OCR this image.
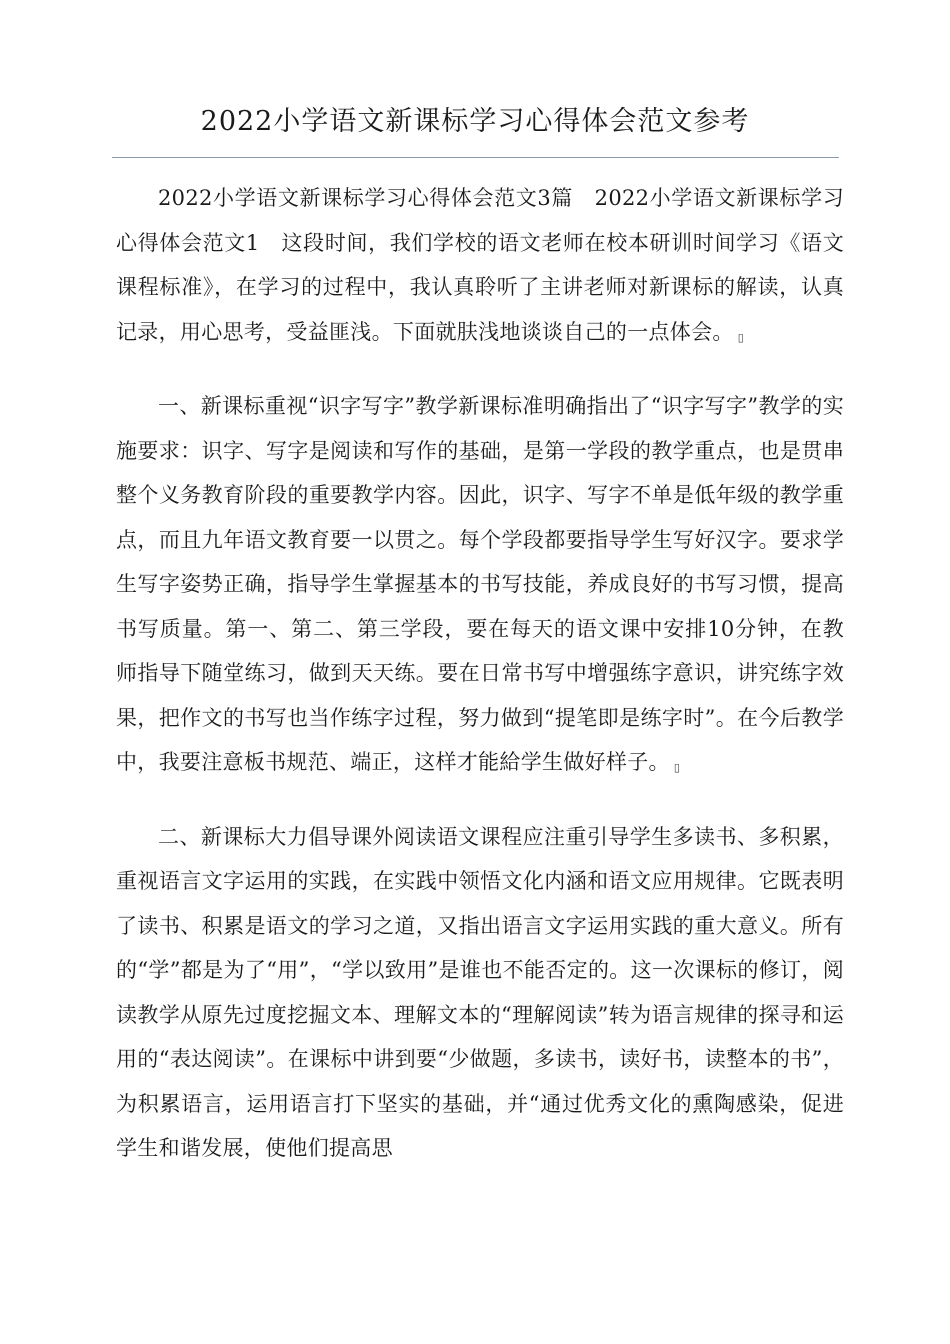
2022小学语文新课标学习心得体会范文参考

2022小学语文新课标学习心得体会范文3篇　2022小学语文新课标学习心得体会范文1　这段时间，我们学校的语文老师在校本研训时间学习《语文课程标准》，在学习的过程中，我认真聆听了主讲老师对新课标的解读，认真记录，用心思考，受益匪浅。下面就肤浅地谈谈自己的一点体会。 ▯

一、新课标重视“识字写字”教学新课标准明确指出了“识字写字”教学的实施要求：识字、写字是阅读和写作的基础，是第一学段的教学重点，也是贯串整个义务教育阶段的重要教学内容。因此，识字、写字不单是低年级的教学重点，而且九年语文教育要一以贯之。每个学段都要指导学生写好汉字。要求学生写字姿势正确，指导学生掌握基本的书写技能，养成良好的书写习惯，提高书写质量。第一、第二、第三学段，要在每天的语文课中安排10分钟，在教师指导下随堂练习，做到天天练。要在日常书写中增强练字意识，讲究练字效果，把作文的书写也当作练字过程，努力做到“提笔即是练字时”。在今后教学中，我要注意板书规范、端正，这样才能給学生做好样子。 ▯

二、新课标大力倡导课外阅读语文课程应注重引导学生多读书、多积累，重视语言文字运用的实践，在实践中领悟文化内涵和语文应用规律。它既表明了读书、积累是语文的学习之道，又指出语言文字运用实践的重大意义。所有的“学”都是为了“用”，“学以致用”是谁也不能否定的。这一次课标的修订，阅读教学从原先过度挖掘文本、理解文本的“理解阅读”转为语言规律的探寻和运用的“表达阅读”。在课标中讲到要“少做题，多读书，读好书，读整本的书”，为积累语言，运用语言打下坚实的基础，并“通过优秀文化的熏陶感染，促进学生和谐发展，使他们提高思
